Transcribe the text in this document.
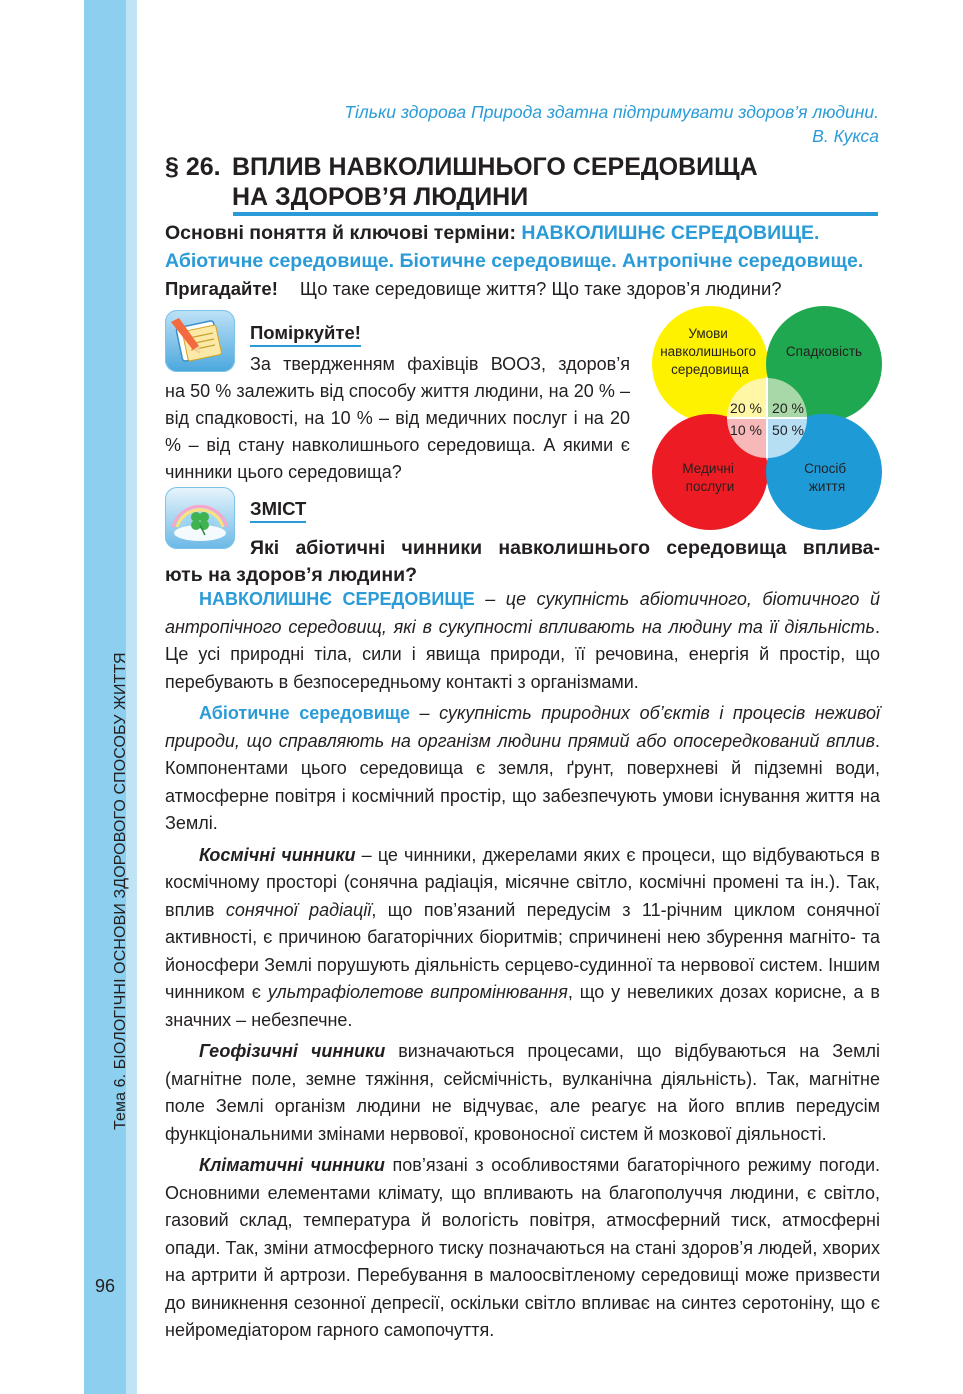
Тема 6. БІОЛОГІЧНІ ОСНОВИ ЗДОРОВОГО СПОСОБУ ЖИТТЯ
96
Тільки здорова Природа здатна підтримувати здоров’я людини.
В. Кукса
§ 26. ВПЛИВ НАВКОЛИШНЬОГО СЕРЕДОВИЩА
НА ЗДОРОВ’Я ЛЮДИНИ
Основні поняття й ключові терміни: НАВКОЛИШНЄ СЕРЕДОВИЩЕ. Абіотичне середовище. Біотичне середовище. Антропічне середовище.
Пригадайте! Що таке середовище життя? Що таке здоров’я людини?
Поміркуйте!
За твердженням фахівців ВООЗ, здоров’я
на 50 % залежить від способу життя людини, на 20 % – від спадковості, на 10 % – від медичних послуг і на 20 % – від стану навколишнього середовища. А якими є чинники цього середовища?
Умови навколишнього середовища
Спадковість
Медичні послуги
Спосіб життя
20 % 20 %
10 % 50 %
ЗМІСТ
Які абіотичні чинники навколишнього середовища вплива-
ють на здоров’я людини?

НАВКОЛИШНЄ СЕРЕДОВИЩЕ – це сукупність абіотичного, біотичного й антропічного середовищ, які в сукупності впливають на людину та її діяльність. Це усі природні тіла, сили і явища природи, її речовина, енергія й простір, що перебувають в безпосередньому контакті з організмами.

Абіотичне середовище – сукупність природних об’єктів і процесів неживої природи, що справляють на організм людини прямий або опосередкований вплив. Компонентами цього середовища є земля, ґрунт, поверхневі й підземні води, атмосферне повітря і космічний простір, що забезпечують умови існування життя на Землі.

Космічні чинники – це чинники, джерелами яких є процеси, що відбуваються в космічному просторі (сонячна радіація, місячне світло, космічні промені та ін.). Так, вплив сонячної радіації, що пов’язаний передусім з 11-річним циклом сонячної активності, є причиною багаторічних біоритмів; спричинені нею збурення магніто- та йоносфери Землі порушують діяльність серцево-судинної та нервової систем. Іншим чинником є ультрафіолетове випромінювання, що у невеликих дозах корисне, а в значних – небезпечне.

Геофізичні чинники визначаються процесами, що відбуваються на Землі (магнітне поле, земне тяжіння, сейсмічність, вулканічна діяльність). Так, магнітне поле Землі організм людини не відчуває, але реагує на його вплив передусім функціональними змінами нервової, кровоносної систем й мозкової діяльності.

Кліматичні чинники пов’язані з особливостями багаторічного режиму погоди. Основними елементами клімату, що впливають на благополуччя людини, є світло, газовий склад, температура й вологість повітря, атмосферний тиск, атмосферні опади. Так, зміни атмосферного тиску позначаються на стані здоров’я людей, хворих на артрити й артрози. Перебування в малоосвітленому середовищі може призвести до виникнення сезонної депресії, оскільки світло впливає на синтез серотоніну, що є нейромедіатором гарного самопочуття.
